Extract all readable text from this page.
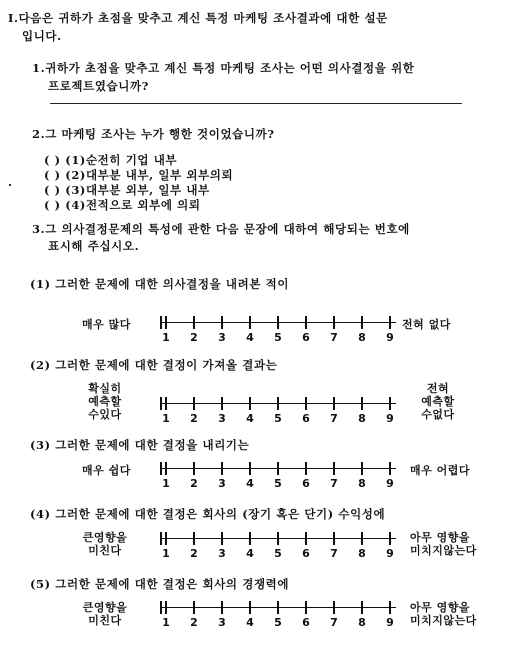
Ⅰ.다음은 귀하가 초점을 맞추고 계신 특정 마케팅 조사결과에 대한 설문
입니다.
1.귀하가 초점을 맞추고 계신 특정 마케팅 조사는 어떤 의사결정을 위한
프로젝트였습니까?
2.그 마케팅 조사는 누가 행한 것이었습니까?
( ) (1)순전히 기업 내부
( ) (2)대부분 내부, 일부 외부의뢰
( ) (3)대부분 외부, 일부 내부
( ) (4)전적으로 외부에 의뢰
3.그 의사결정문제의 특성에 관한 다음 문장에 대하여 해당되는 번호에
표시해 주십시오.
(1) 그러한 문제에 대한 의사결정을 내려본 적이
매우 많다
1 2 3 4 5 6 7 8 9
전혀 없다
(2) 그러한 문제에 대한 결정이 가져올 결과는
확실히
예측할
수있다	1 2 3 4 5 6 7 8 9
전혀
예측할
수없다
(3) 그러한 문제에 대한 결정을 내리기는
매우 쉽다
1 2 3 4 5 6 7 8 9
매우 어렵다
(4) 그러한 문제에 대한 결정은 회사의 (장기 혹은 단기) 수익성에
큰영향을
미친다	1 2 3 4 5 6 7 8 9
아무 영향을
미치지않는다
(5) 그러한 문제에 대한 결정은 회사의 경쟁력에
큰영향을
미친다	1 2 3 4 5 6 7 8 9
아무 영향을
미치지않는다
